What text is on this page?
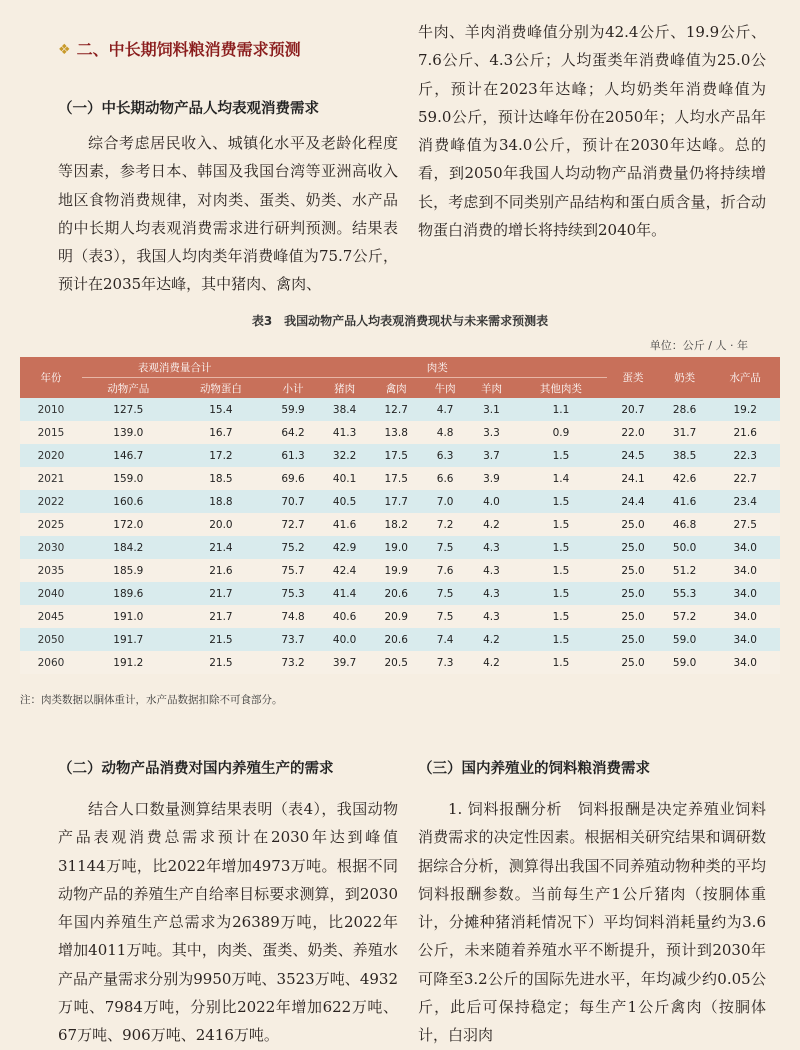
❖ 二、中长期饲料粮消费需求预测
（一）中长期动物产品人均表观消费需求

综合考虑居民收入、城镇化水平及老龄化程度等因素，参考日本、韩国及我国台湾等亚洲高收入地区食物消费规律，对肉类、蛋类、奶类、水产品的中长期人均表观消费需求进行研判预测。结果表明（表3），我国人均肉类年消费峰值为75.7公斤，预计在2035年达峰，其中猪肉、禽肉、

牛肉、羊肉消费峰值分别为42.4公斤、19.9公斤、7.6公斤、4.3公斤；人均蛋类年消费峰值为25.0公斤，预计在2023年达峰；人均奶类年消费峰值为59.0公斤，预计达峰年份在2050年；人均水产品年消费峰值为34.0公斤，预计在2030年达峰。总的看，到2050年我国人均动物产品消费量仍将持续增长，考虑到不同类别产品结构和蛋白质含量，折合动物蛋白消费的增长将持续到2040年。

表3　我国动物产品人均表观消费现状与未来需求预测表
单位：公斤 / 人 · 年
年份	表观消费量合计		肉类						蛋类	奶类	水产品
	动物产品	动物蛋白	小计	猪肉	禽肉	牛肉	羊肉	其他肉类			
2010	127.5	15.4	59.9	38.4	12.7	4.7	3.1	1.1	20.7	28.6	19.2
2015	139.0	16.7	64.2	41.3	13.8	4.8	3.3	0.9	22.0	31.7	21.6
2020	146.7	17.2	61.3	32.2	17.5	6.3	3.7	1.5	24.5	38.5	22.3
2021	159.0	18.5	69.6	40.1	17.5	6.6	3.9	1.4	24.1	42.6	22.7
2022	160.6	18.8	70.7	40.5	17.7	7.0	4.0	1.5	24.4	41.6	23.4
2025	172.0	20.0	72.7	41.6	18.2	7.2	4.2	1.5	25.0	46.8	27.5
2030	184.2	21.4	75.2	42.9	19.0	7.5	4.3	1.5	25.0	50.0	34.0
2035	185.9	21.6	75.7	42.4	19.9	7.6	4.3	1.5	25.0	51.2	34.0
2040	189.6	21.7	75.3	41.4	20.6	7.5	4.3	1.5	25.0	55.3	34.0
2045	191.0	21.7	74.8	40.6	20.9	7.5	4.3	1.5	25.0	57.2	34.0
2050	191.7	21.5	73.7	40.0	20.6	7.4	4.2	1.5	25.0	59.0	34.0
2060	191.2	21.5	73.2	39.7	20.5	7.3	4.2	1.5	25.0	59.0	34.0
注：肉类数据以胴体重计，水产品数据扣除不可食部分。
（二）动物产品消费对国内养殖生产的需求

结合人口数量测算结果表明（表4），我国动物产品表观消费总需求预计在2030年达到峰值31144万吨，比2022年增加4973万吨。根据不同动物产品的养殖生产自给率目标要求测算，到2030年国内养殖生产总需求为26389万吨，比2022年增加4011万吨。其中，肉类、蛋类、奶类、养殖水产品产量需求分别为9950万吨、3523万吨、4932万吨、7984万吨，分别比2022年增加622万吨、67万吨、906万吨、2416万吨。

（三）国内养殖业的饲料粮消费需求

1. 饲料报酬分析　饲料报酬是决定养殖业饲料消费需求的决定性因素。根据相关研究结果和调研数据综合分析，测算得出我国不同养殖动物种类的平均饲料报酬参数。当前每生产1公斤猪肉（按胴体重计，分摊种猪消耗情况下）平均饲料消耗量约为3.6公斤，未来随着养殖水平不断提升，预计到2030年可降至3.2公斤的国际先进水平，年均减少约0.05公斤，此后可保持稳定；每生产1公斤禽肉（按胴体计，白羽肉
